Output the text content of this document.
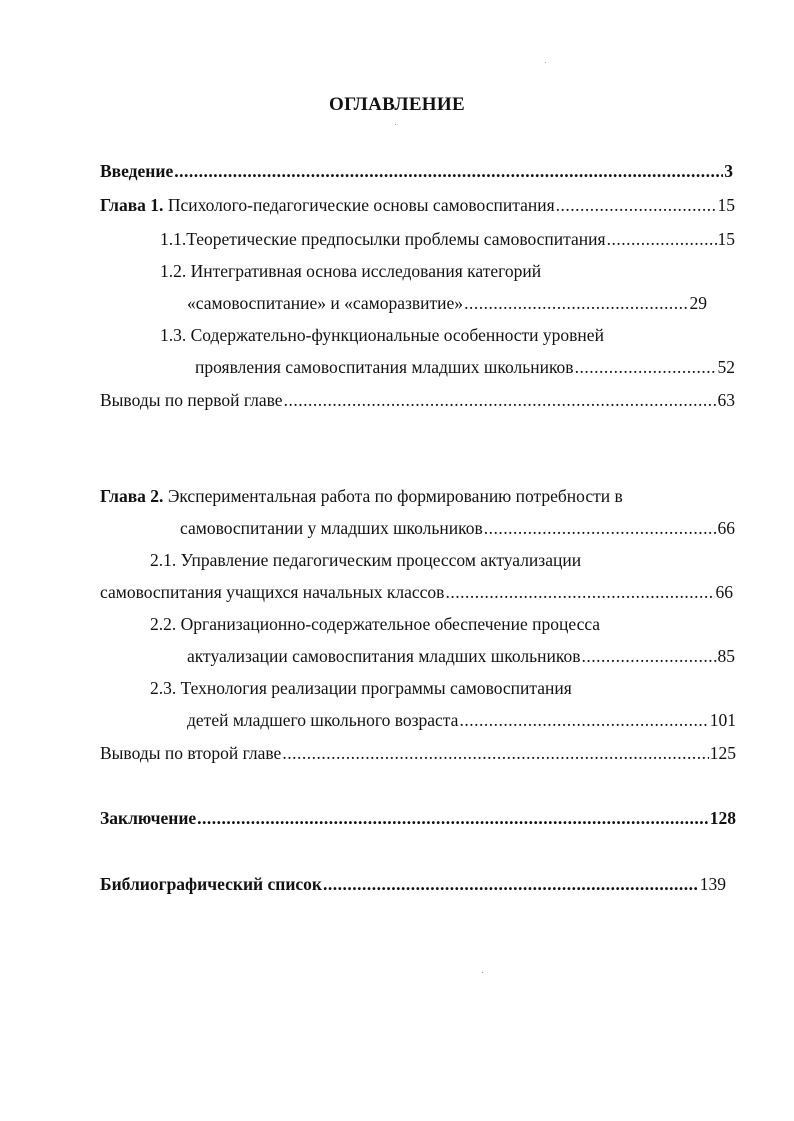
ОГЛАВЛЕНИЕ
Введение .....	3
Глава 1. Психолого-педагогические основы самовоспитания .....	15
1.1.Теоретические предпосылки проблемы самовоспитания .....	15
1.2. Интегративная основа исследования категорий
«самовоспитание» и «саморазвитие» .....	29
1.3. Содержательно-функциональные особенности уровней
проявления самовоспитания младших школьников .....	52
Выводы по первой главе .....	63
Глава 2. Экспериментальная работа по формированию потребности в
самовоспитании у младших школьников .....	66
2.1. Управление педагогическим процессом актуализации
самовоспитания учащихся начальных классов .....	66
2.2. Организационно-содержательное обеспечение процесса
актуализации самовоспитания младших школьников .....	85
2.3. Технология реализации программы самовоспитания
детей младшего школьного возраста .....	101
Выводы по второй главе .....	125
Заключение .....	128
Библиографический список .....	139
